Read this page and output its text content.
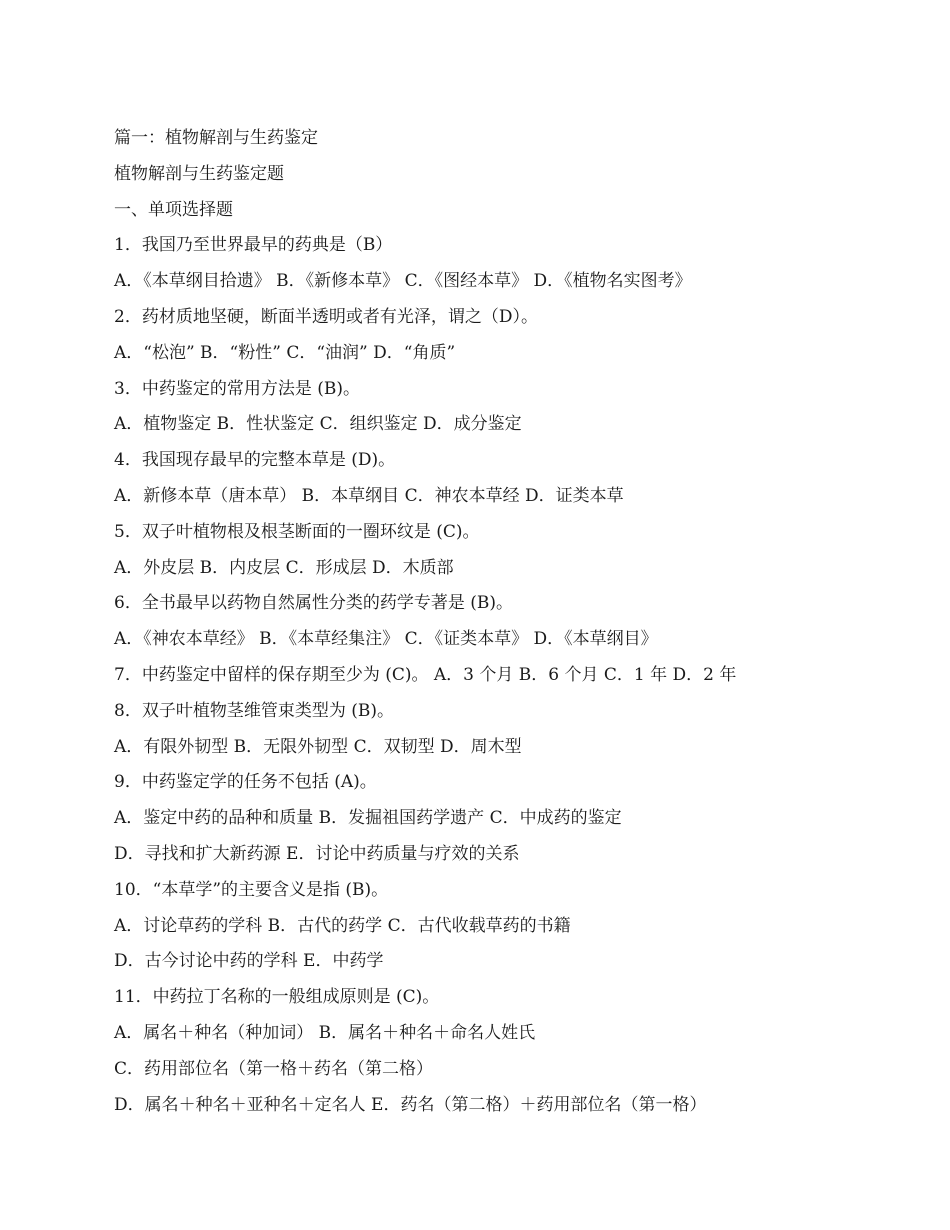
篇一：植物解剖与生药鉴定

植物解剖与生药鉴定题

一、单项选择题

1．我国乃至世界最早的药典是（B）

A．《本草纲目拾遗》 B．《新修本草》 C．《图经本草》 D．《植物名实图考》

2．药材质地坚硬，断面半透明或者有光泽，谓之（D）。

A．“松泡” B．“粉性” C．“油润” D．“角质”

3．中药鉴定的常用方法是 (B)。

A．植物鉴定 B．性状鉴定 C．组织鉴定 D．成分鉴定

4．我国现存最早的完整本草是 (D)。

A．新修本草（唐本草） B．本草纲目 C．神农本草经 D．证类本草

5．双子叶植物根及根茎断面的一圈环纹是 (C)。

A．外皮层 B．内皮层 C．形成层 D．木质部

6．全书最早以药物自然属性分类的药学专著是 (B)。

A．《神农本草经》 B．《本草经集注》 C．《证类本草》 D．《本草纲目》

7．中药鉴定中留样的保存期至少为 (C)。 A．3 个月 B．6 个月 C．1 年 D．2 年

8．双子叶植物茎维管束类型为 (B)。

A．有限外韧型 B．无限外韧型 C．双韧型 D．周木型

9．中药鉴定学的任务不包括 (A)。

A．鉴定中药的品种和质量 B．发掘祖国药学遗产 C．中成药的鉴定

D．寻找和扩大新药源 E．讨论中药质量与疗效的关系

10．“本草学”的主要含义是指 (B)。

A．讨论草药的学科 B．古代的药学 C．古代收载草药的书籍

D．古今讨论中药的学科 E．中药学

11．中药拉丁名称的一般组成原则是 (C)。

A．属名＋种名（种加词） B．属名＋种名＋命名人姓氏

C．药用部位名（第一格＋药名（第二格）

D．属名＋种名＋亚种名＋定名人 E．药名（第二格）＋药用部位名（第一格）
